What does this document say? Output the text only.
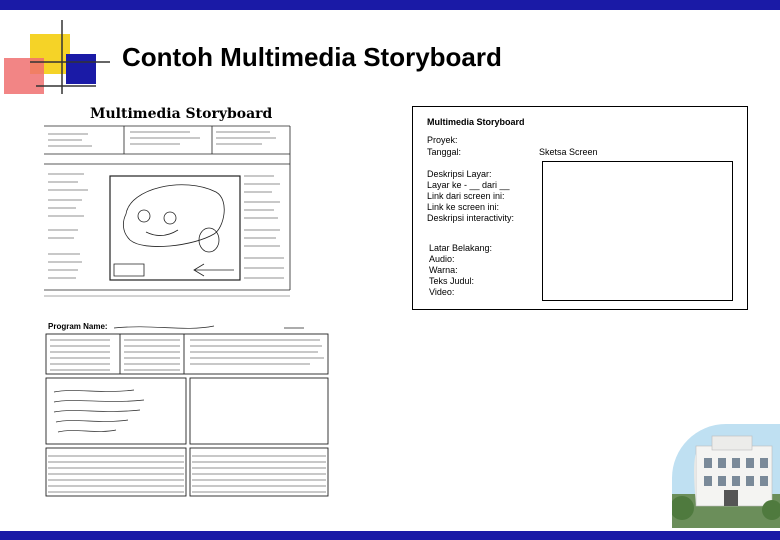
Contoh Multimedia Storyboard
Multimedia Storyboard
Program Name:
Multimedia Storyboard
Proyek:
Tanggal:	Sketsa Screen
Deskripsi Layar:
Layar ke - __ dari __
Link dari screen ini:
Link ke screen ini:
Deskripsi interactivity:
Latar Belakang:
Audio:
Warna:
Teks Judul:
Video:
